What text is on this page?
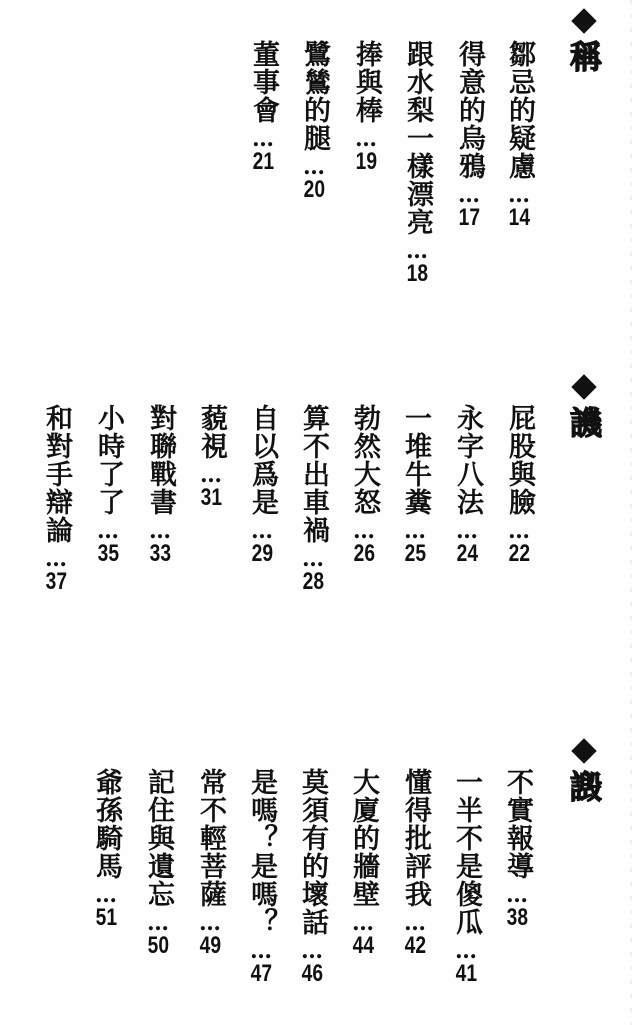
稱
鄒忌的疑慮
…
14
得意的烏鴉
…
17
跟水梨一樣漂亮
…
18
捧與棒
…
19
鷺鷥的腿
…
20
董事會
…
21
譏
屁股與臉
…
22
永字八法
…
24
一堆牛糞
…
25
勃然大怒
…
26
算不出車禍
…
28
自以爲是
…
29
藐視
…
31
對聯戰書
…
33
小時了了
…
35
和對手辯論
…
37
譭
不實報導
…
38
一半不是傻瓜
…
41
懂得批評我
…
42
大廈的牆壁
…
44
莫須有的壞話
…
46
是嗎？是嗎？
…
47
常不輕菩薩
…
49
記住與遺忘
…
50
爺孫騎馬
…
51
